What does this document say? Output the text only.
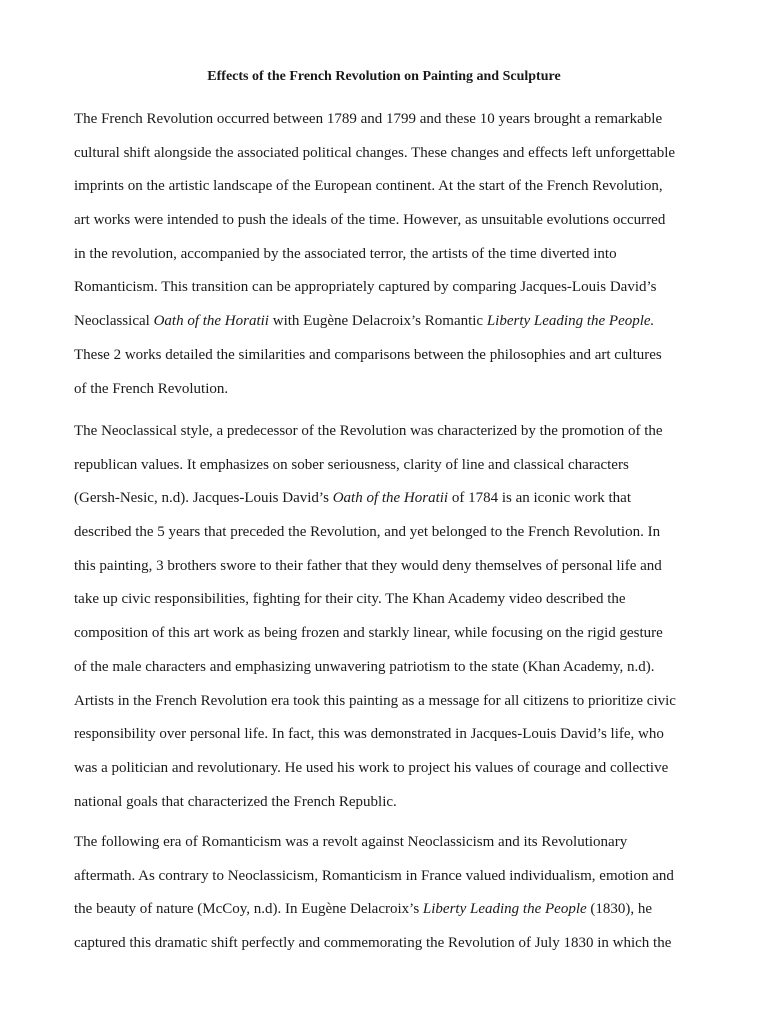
Effects of the French Revolution on Painting and Sculpture

The French Revolution occurred between 1789 and 1799 and these 10 years brought a remarkable
cultural shift alongside the associated political changes. These changes and effects left unforgettable
imprints on the artistic landscape of the European continent. At the start of the French Revolution,
art works were intended to push the ideals of the time. However, as unsuitable evolutions occurred
in the revolution, accompanied by the associated terror, the artists of the time diverted into
Romanticism. This transition can be appropriately captured by comparing Jacques-Louis David’s
Neoclassical Oath of the Horatii with Eugène Delacroix’s Romantic Liberty Leading the People.
These 2 works detailed the similarities and comparisons between the philosophies and art cultures
of the French Revolution.

The Neoclassical style, a predecessor of the Revolution was characterized by the promotion of the
republican values. It emphasizes on sober seriousness, clarity of line and classical characters
(Gersh-Nesic, n.d). Jacques-Louis David’s Oath of the Horatii of 1784 is an iconic work that
described the 5 years that preceded the Revolution, and yet belonged to the French Revolution. In
this painting, 3 brothers swore to their father that they would deny themselves of personal life and
take up civic responsibilities, fighting for their city. The Khan Academy video described the
composition of this art work as being frozen and starkly linear, while focusing on the rigid gesture
of the male characters and emphasizing unwavering patriotism to the state (Khan Academy, n.d).
Artists in the French Revolution era took this painting as a message for all citizens to prioritize civic
responsibility over personal life. In fact, this was demonstrated in Jacques-Louis David’s life, who
was a politician and revolutionary. He used his work to project his values of courage and collective
national goals that characterized the French Republic.

The following era of Romanticism was a revolt against Neoclassicism and its Revolutionary
aftermath. As contrary to Neoclassicism, Romanticism in France valued individualism, emotion and
the beauty of nature (McCoy, n.d). In Eugène Delacroix’s Liberty Leading the People (1830), he
captured this dramatic shift perfectly and commemorating the Revolution of July 1830 in which the
